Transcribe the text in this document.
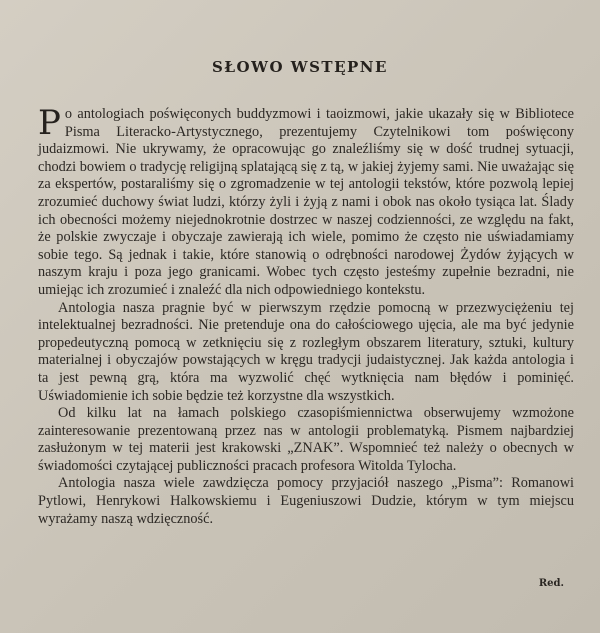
SŁOWO WSTĘPNE

Po antologiach poświęconych buddyzmowi i taoizmowi, jakie ukazały się w Bibliotece Pisma Literacko-Artystycznego, prezentujemy Czytelnikowi tom poświęcony judaizmowi. Nie ukrywamy, że opracowując go znaleźliśmy się w dość trudnej sytuacji, chodzi bowiem o tradycję religijną splatającą się z tą, w jakiej żyjemy sami. Nie uważając się za ekspertów, postaraliśmy się o zgromadzenie w tej antologii tekstów, które pozwolą lepiej zrozumieć duchowy świat ludzi, którzy żyli i żyją z nami i obok nas około tysiąca lat. Ślady ich obecności możemy niejednokrotnie dostrzec w naszej codzienności, ze względu na fakt, że polskie zwyczaje i obyczaje zawierają ich wiele, pomimo że często nie uświadamiamy sobie tego. Są jednak i takie, które stanowią o odrębności narodowej Żydów żyjących w naszym kraju i poza jego granicami. Wobec tych często jesteśmy zupełnie bezradni, nie umiejąc ich zrozumieć i znaleźć dla nich odpowiedniego kontekstu.

Antologia nasza pragnie być w pierwszym rzędzie pomocną w przezwyciężeniu tej intelektualnej bezradności. Nie pretenduje ona do całościowego ujęcia, ale ma być jedynie propedeutyczną pomocą w zetknięciu się z rozległym obszarem literatury, sztuki, kultury materialnej i obyczajów powstających w kręgu tradycji judaistycznej. Jak każda antologia i ta jest pewną grą, która ma wyzwolić chęć wytknięcia nam błędów i pominięć. Uświadomienie ich sobie będzie też korzystne dla wszystkich.

Od kilku lat na łamach polskiego czasopiśmiennictwa obserwujemy wzmożone zainteresowanie prezentowaną przez nas w antologii problematyką. Pismem najbardziej zasłużonym w tej materii jest krakowski „ZNAK”. Wspomnieć też należy o obecnych w świadomości czytającej publiczności pracach profesora Witolda Tylocha.

Antologia nasza wiele zawdzięcza pomocy przyjaciół naszego „Pisma”: Romanowi Pytlowi, Henrykowi Halkowskiemu i Eugeniuszowi Dudzie, którym w tym miejscu wyrażamy naszą wdzięczność.

Red.
